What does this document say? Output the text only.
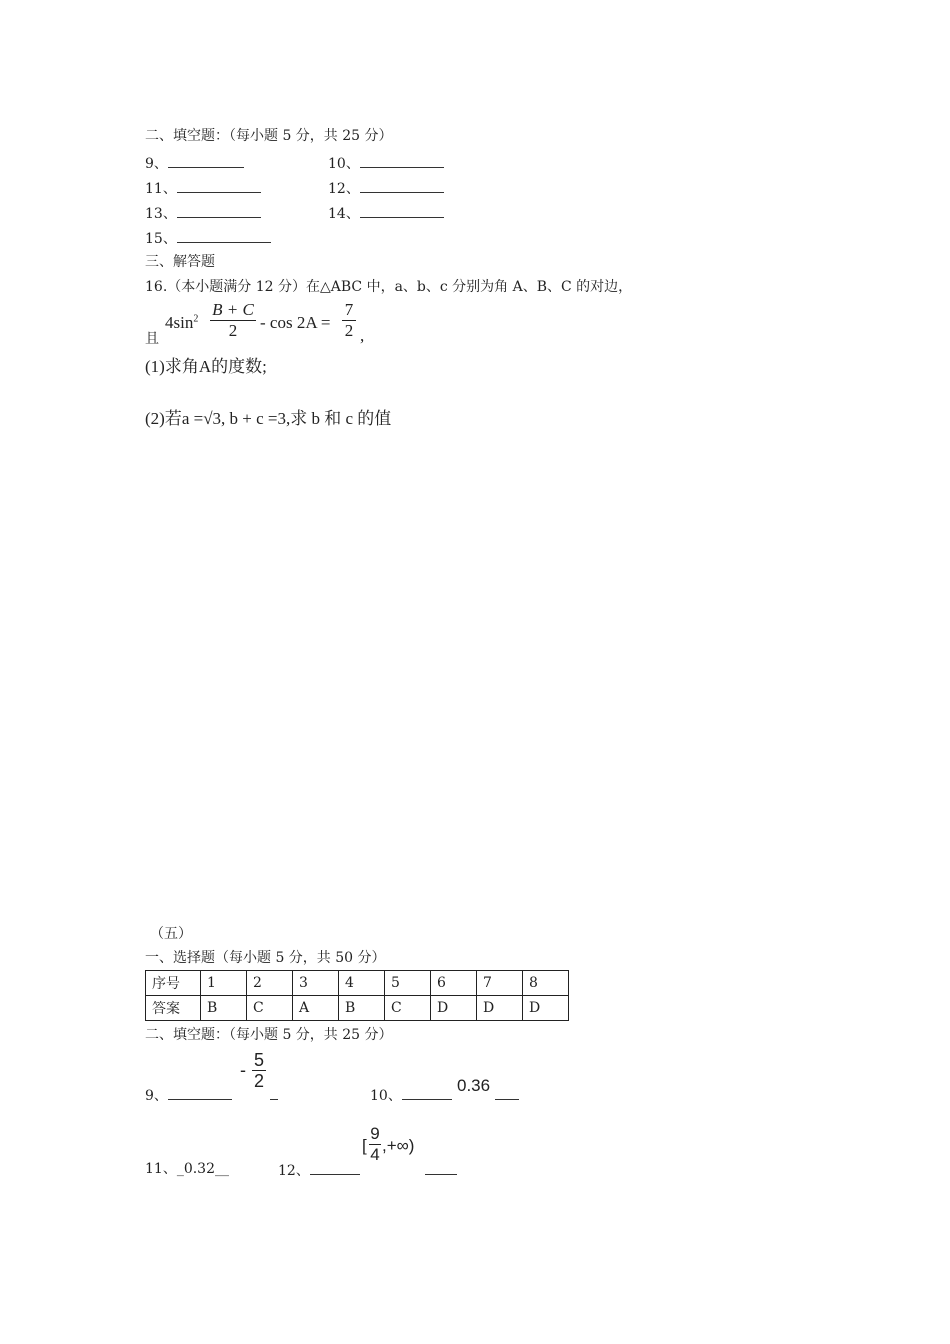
二、填空题：（每小题 5 分，共 25 分）
9、	10、
11、	12、
13、	14、
15、
三、解答题
16.（本小题满分 12 分）在△ABC 中，a、b、c 分别为角 A、B、C 的对边，
且
$4\sin^2$ B + C
2	- cos 2A =
7
2 ,
(1)求角A的度数;
(2)若a =√3, b + c =3,求 b 和 c 的值
（五）
一、选择题（每小题 5 分，共 50 分）
序号	1	2	3	4	5	6	7	8
答案	B	C	A	B	C	D	D	D
二、填空题：（每小题 5 分，共 25 分）
9、
- 5
2
10、
0.36
11、_0.32__	12、
[
9
4 ,+∞)
